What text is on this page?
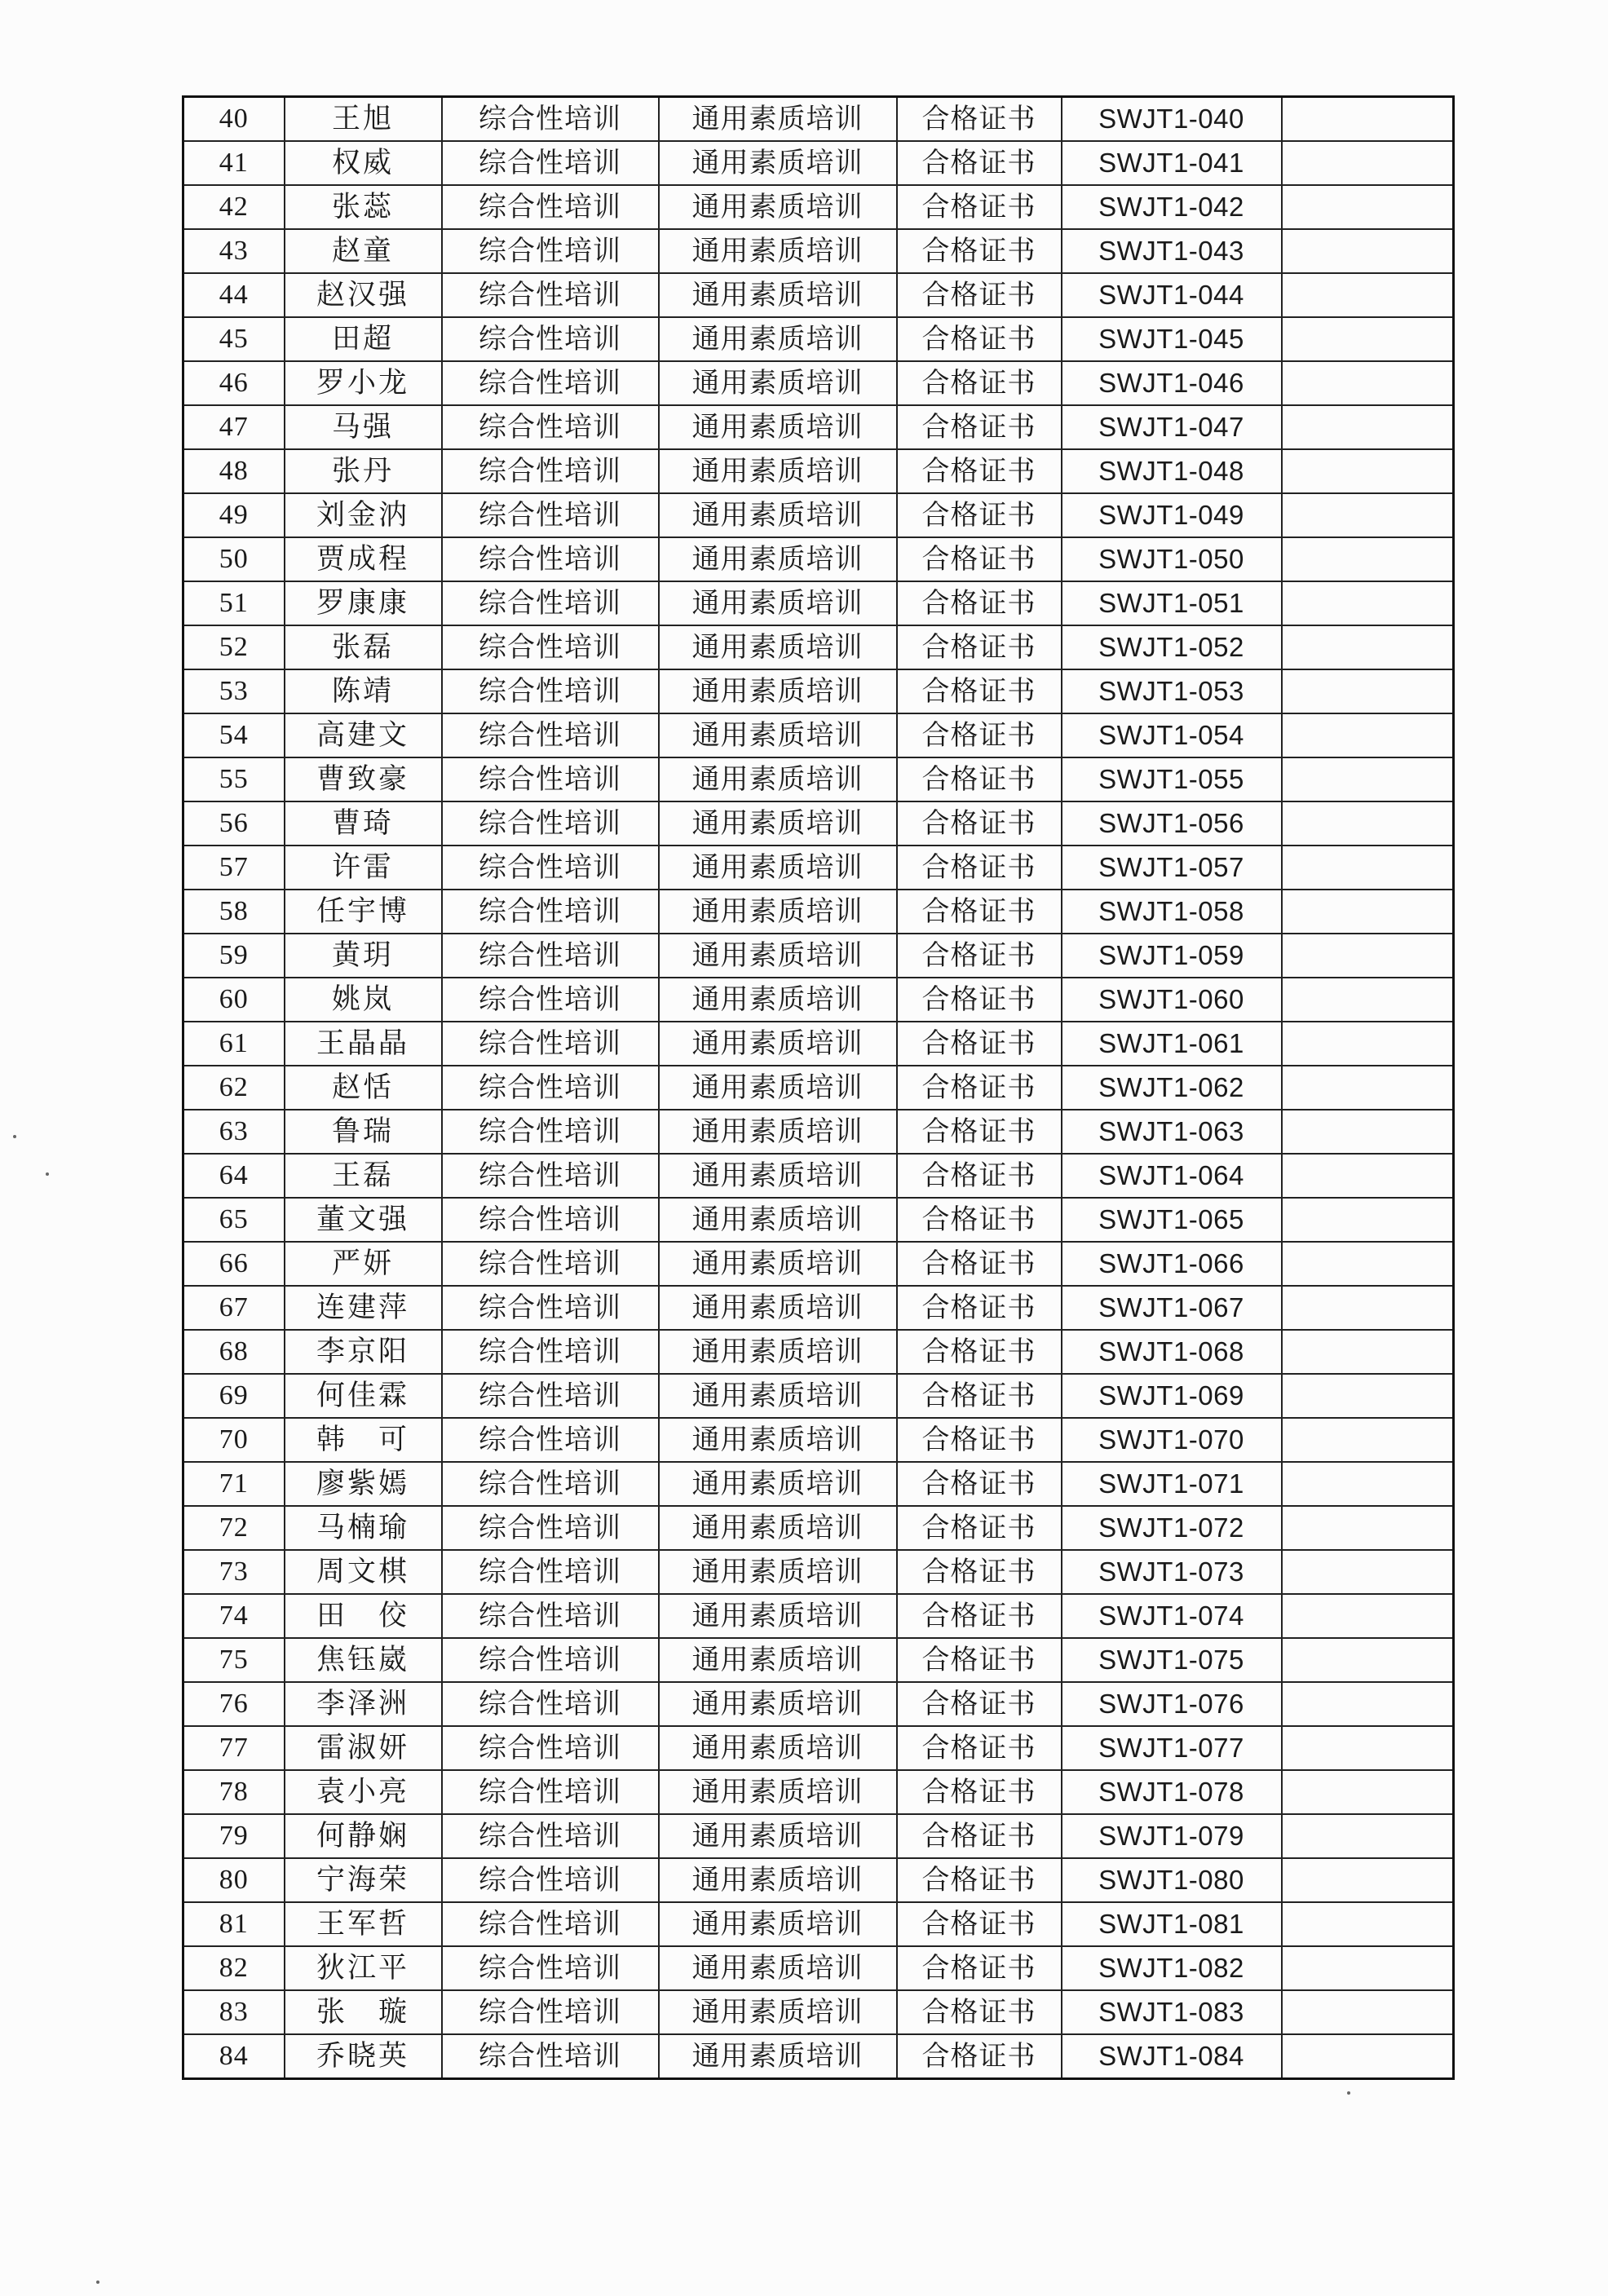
40	王旭	综合性培训	通用素质培训	合格证书	SWJT1-040	
41	权威	综合性培训	通用素质培训	合格证书	SWJT1-041	
42	张蕊	综合性培训	通用素质培训	合格证书	SWJT1-042	
43	赵童	综合性培训	通用素质培训	合格证书	SWJT1-043	
44	赵汉强	综合性培训	通用素质培训	合格证书	SWJT1-044	
45	田超	综合性培训	通用素质培训	合格证书	SWJT1-045	
46	罗小龙	综合性培训	通用素质培训	合格证书	SWJT1-046	
47	马强	综合性培训	通用素质培训	合格证书	SWJT1-047	
48	张丹	综合性培训	通用素质培训	合格证书	SWJT1-048	
49	刘金汭	综合性培训	通用素质培训	合格证书	SWJT1-049	
50	贾成程	综合性培训	通用素质培训	合格证书	SWJT1-050	
51	罗康康	综合性培训	通用素质培训	合格证书	SWJT1-051	
52	张磊	综合性培训	通用素质培训	合格证书	SWJT1-052	
53	陈靖	综合性培训	通用素质培训	合格证书	SWJT1-053	
54	高建文	综合性培训	通用素质培训	合格证书	SWJT1-054	
55	曹致豪	综合性培训	通用素质培训	合格证书	SWJT1-055	
56	曹琦	综合性培训	通用素质培训	合格证书	SWJT1-056	
57	许雷	综合性培训	通用素质培训	合格证书	SWJT1-057	
58	任宇博	综合性培训	通用素质培训	合格证书	SWJT1-058	
59	黄玥	综合性培训	通用素质培训	合格证书	SWJT1-059	
60	姚岚	综合性培训	通用素质培训	合格证书	SWJT1-060	
61	王晶晶	综合性培训	通用素质培训	合格证书	SWJT1-061	
62	赵恬	综合性培训	通用素质培训	合格证书	SWJT1-062	
63	鲁瑞	综合性培训	通用素质培训	合格证书	SWJT1-063	
64	王磊	综合性培训	通用素质培训	合格证书	SWJT1-064	
65	董文强	综合性培训	通用素质培训	合格证书	SWJT1-065	
66	严妍	综合性培训	通用素质培训	合格证书	SWJT1-066	
67	连建萍	综合性培训	通用素质培训	合格证书	SWJT1-067	
68	李京阳	综合性培训	通用素质培训	合格证书	SWJT1-068	
69	何佳霖	综合性培训	通用素质培训	合格证书	SWJT1-069	
70	韩　可	综合性培训	通用素质培训	合格证书	SWJT1-070	
71	廖紫嫣	综合性培训	通用素质培训	合格证书	SWJT1-071	
72	马楠瑜	综合性培训	通用素质培训	合格证书	SWJT1-072	
73	周文棋	综合性培训	通用素质培训	合格证书	SWJT1-073	
74	田　佼	综合性培训	通用素质培训	合格证书	SWJT1-074	
75	焦钰崴	综合性培训	通用素质培训	合格证书	SWJT1-075	
76	李泽洲	综合性培训	通用素质培训	合格证书	SWJT1-076	
77	雷淑妍	综合性培训	通用素质培训	合格证书	SWJT1-077	
78	袁小亮	综合性培训	通用素质培训	合格证书	SWJT1-078	
79	何静娴	综合性培训	通用素质培训	合格证书	SWJT1-079	
80	宁海荣	综合性培训	通用素质培训	合格证书	SWJT1-080	
81	王军哲	综合性培训	通用素质培训	合格证书	SWJT1-081	
82	狄江平	综合性培训	通用素质培训	合格证书	SWJT1-082	
83	张　璇	综合性培训	通用素质培训	合格证书	SWJT1-083	
84	乔晓英	综合性培训	通用素质培训	合格证书	SWJT1-084	
